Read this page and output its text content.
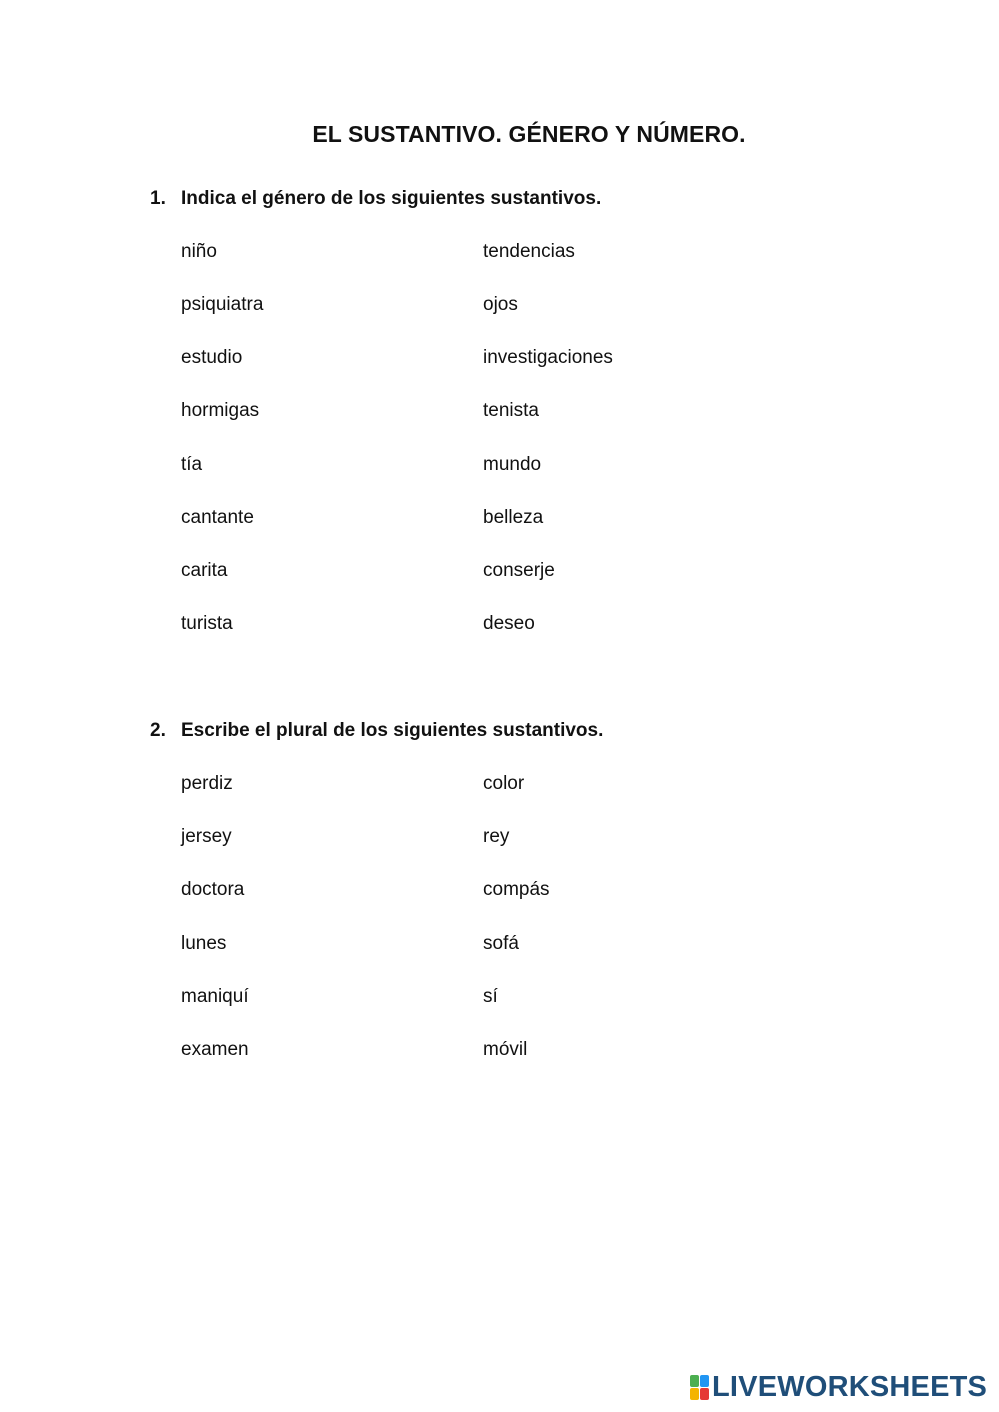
EL SUSTANTIVO. GÉNERO Y NÚMERO.
1. Indica el género de los siguientes sustantivos.
niño
psiquiatra
estudio
hormigas
tía
cantante
carita
turista
tendencias
ojos
investigaciones
tenista
mundo
belleza
conserje
deseo
2. Escribe el plural de los siguientes sustantivos.
perdiz
jersey
doctora
lunes
maniquí
examen
color
rey
compás
sofá
sí
móvil
LIVEWORKSHEETS
